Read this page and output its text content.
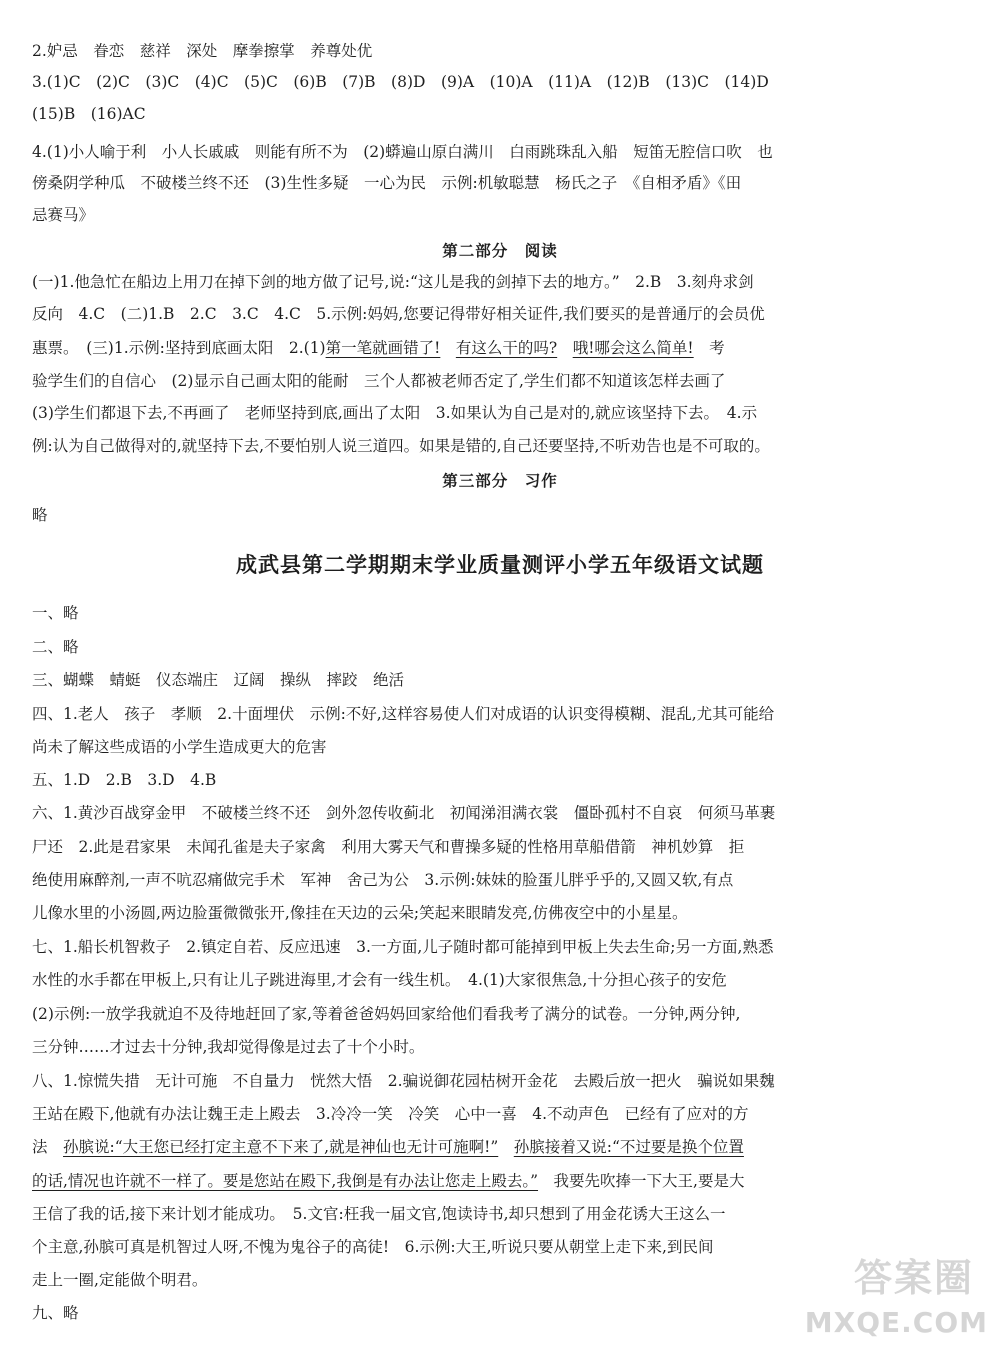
2.妒忌　眷恋　慈祥　深处　摩拳擦掌　养尊处优
3.(1)C　(2)C　(3)C　(4)C　(5)C　(6)B　(7)B　(8)D　(9)A　(10)A　(11)A　(12)B　(13)C　(14)D
(15)B　(16)AC
4.(1)小人喻于利　小人长戚戚　则能有所不为　(2)蟒遍山原白满川　白雨跳珠乱入船　短笛无腔信口吹　也
傍桑阴学种瓜　不破楼兰终不还　(3)生性多疑　一心为民　示例:机敏聪慧　杨氏之子　《自相矛盾》《田
忌赛马》
第二部分　阅读
(一)1.他急忙在船边上用刀在掉下剑的地方做了记号,说:“这儿是我的剑掉下去的地方。”　2.B　3.刻舟求剑
反向　4.C　(二)1.B　2.C　3.C　4.C　5.示例:妈妈,您要记得带好相关证件,我们要买的是普通厅的会员优
惠票。　(三)1.示例:坚持到底画太阳　2.(1)第一笔就画错了!　 有这么干的吗?　 哦!哪会这么简单!　考
验学生们的自信心　(2)显示自己画太阳的能耐　三个人都被老师否定了,学生们都不知道该怎样去画了
(3)学生们都退下去,不再画了　老师坚持到底,画出了太阳　3.如果认为自己是对的,就应该坚持下去。　4.示
例:认为自己做得对的,就坚持下去,不要怕别人说三道四。如果是错的,自己还要坚持,不听劝告也是不可取的。
第三部分　习作
略
成武县第二学期期末学业质量测评小学五年级语文试题
一、略
二、略
三、蝴蝶　蜻蜓　仪态端庄　辽阔　操纵　摔跤　绝活
四、1.老人　孩子　孝顺　2.十面埋伏　示例:不好,这样容易使人们对成语的认识变得模糊、混乱,尤其可能给
尚未了解这些成语的小学生造成更大的危害
五、1.D　2.B　3.D　4.B
六、1.黄沙百战穿金甲　不破楼兰终不还　剑外忽传收蓟北　初闻涕泪满衣裳　僵卧孤村不自哀　何须马革裹
尸还　2.此是君家果　未闻孔雀是夫子家禽　利用大雾天气和曹操多疑的性格用草船借箭　神机妙算　拒
绝使用麻醉剂,一声不吭忍痛做完手术　军神　舍己为公　3.示例:妹妹的脸蛋儿胖乎乎的,又圆又软,有点
儿像水里的小汤圆,两边脸蛋微微张开,像挂在天边的云朵;笑起来眼睛发亮,仿佛夜空中的小星星。
七、1.船长机智救子　2.镇定自若、反应迅速　3.一方面,儿子随时都可能掉到甲板上失去生命;另一方面,熟悉
水性的水手都在甲板上,只有让儿子跳进海里,才会有一线生机。　4.(1)大家很焦急,十分担心孩子的安危
(2)示例:一放学我就迫不及待地赶回了家,等着爸爸妈妈回家给他们看我考了满分的试卷。一分钟,两分钟,
三分钟……才过去十分钟,我却觉得像是过去了十个小时。
八、1.惊慌失措　无计可施　不自量力　恍然大悟　2.骗说御花园枯树开金花　去殿后放一把火　骗说如果魏
王站在殿下,他就有办法让魏王走上殿去　3.冷冷一笑　冷笑　心中一喜　4.不动声色　已经有了应对的方
法　孙膑说:“大王您已经打定主意不下来了,就是神仙也无计可施啊!”　 孙膑接着又说:“不过要是换个位置
的话,情况也许就不一样了。要是您站在殿下,我倒是有办法让您走上殿去。”　我要先吹捧一下大王,要是大
王信了我的话,接下来计划才能成功。　5.文官:枉我一届文官,饱读诗书,却只想到了用金花诱大王这么一
个主意,孙膑可真是机智过人呀,不愧为鬼谷子的高徒!　6.示例:大王,听说只要从朝堂上走下来,到民间
走上一圈,定能做个明君。
九、略
答案圈
MXQE.COM
